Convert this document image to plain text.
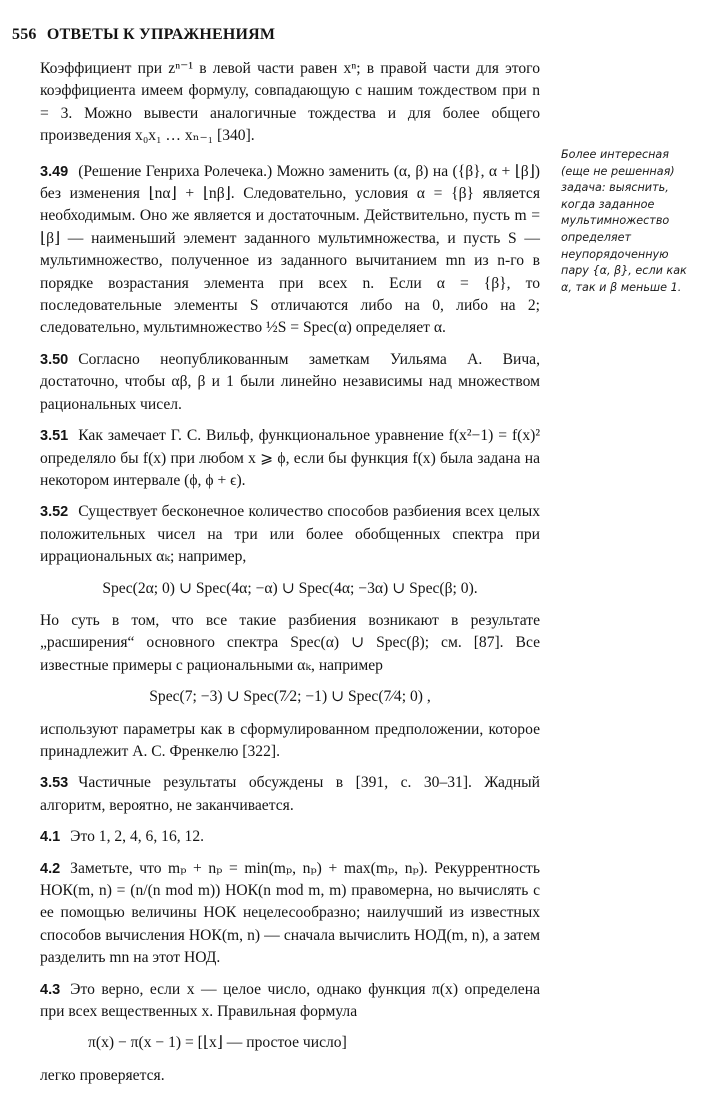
556 ОТВЕТЫ К УПРАЖНЕНИЯМ

Коэффициент при zⁿ⁻¹ в левой части равен xⁿ; в правой части для этого коэффициента имеем формулу, совпадающую с нашим тождеством при n = 3. Можно вывести аналогичные тождества и для более общего произведения x₀x₁ … xₙ₋₁ [340].

3.49 (Решение Генриха Ролечека.) Можно заменить (α, β) на ({β}, α + ⌊β⌋) без изменения ⌊nα⌋ + ⌊nβ⌋. Следовательно, условия α = {β} является необходимым. Оно же является и достаточным. Действительно, пусть m = ⌊β⌋ — наименьший элемент заданного мультимножества, и пусть S — мультимножество, полученное из заданного вычитанием mn из n-го в порядке возрастания элемента при всех n. Если α = {β}, то последовательные элементы S отличаются либо на 0, либо на 2; следовательно, мультимножество ½S = Spec(α) определяет α.

3.50 Согласно неопубликованным заметкам Уильяма А. Вича, достаточно, чтобы αβ, β и 1 были линейно независимы над множеством рациональных чисел.

3.51 Как замечает Г. С. Вильф, функциональное уравнение f(x²−1) = f(x)² определяло бы f(x) при любом x ⩾ ϕ, если бы функция f(x) была задана на некотором интервале (ϕ, ϕ + ϵ).

3.52 Существует бесконечное количество способов разбиения всех целых положительных чисел на три или более обобщенных спектра при иррациональных αₖ; например,

Spec(2α; 0) ∪ Spec(4α; −α) ∪ Spec(4α; −3α) ∪ Spec(β; 0).

Но суть в том, что все такие разбиения возникают в результате „расширения“ основного спектра Spec(α) ∪ Spec(β); см. [87]. Все известные примеры с рациональными αₖ, например

Spec(7; −3) ∪ Spec(7⁄2; −1) ∪ Spec(7⁄4; 0) ,

используют параметры как в сформулированном предположении, которое принадлежит А. С. Френкелю [322].

3.53 Частичные результаты обсуждены в [391, с. 30–31]. Жадный алгоритм, вероятно, не заканчивается.

4.1 Это 1, 2, 4, 6, 16, 12.

4.2 Заметьте, что mₚ + nₚ = min(mₚ, nₚ) + max(mₚ, nₚ). Рекуррентность НОК(m, n) = (n/(n mod m)) НОК(n mod m, m) правомерна, но вычислять с ее помощью величины НОК нецелесообразно; наилучший из известных способов вычисления НОК(m, n) — сначала вычислить НОД(m, n), а затем разделить mn на этот НОД.

4.3 Это верно, если x — целое число, однако функция π(x) определена при всех вещественных x. Правильная формула

π(x) − π(x − 1) = [⌊x⌋ — простое число]

легко проверяется.

Более интересная (еще не решенная) задача: выяснить, когда заданное мультимножество определяет неупорядоченную пару {α, β}, если как α, так и β меньше 1.
